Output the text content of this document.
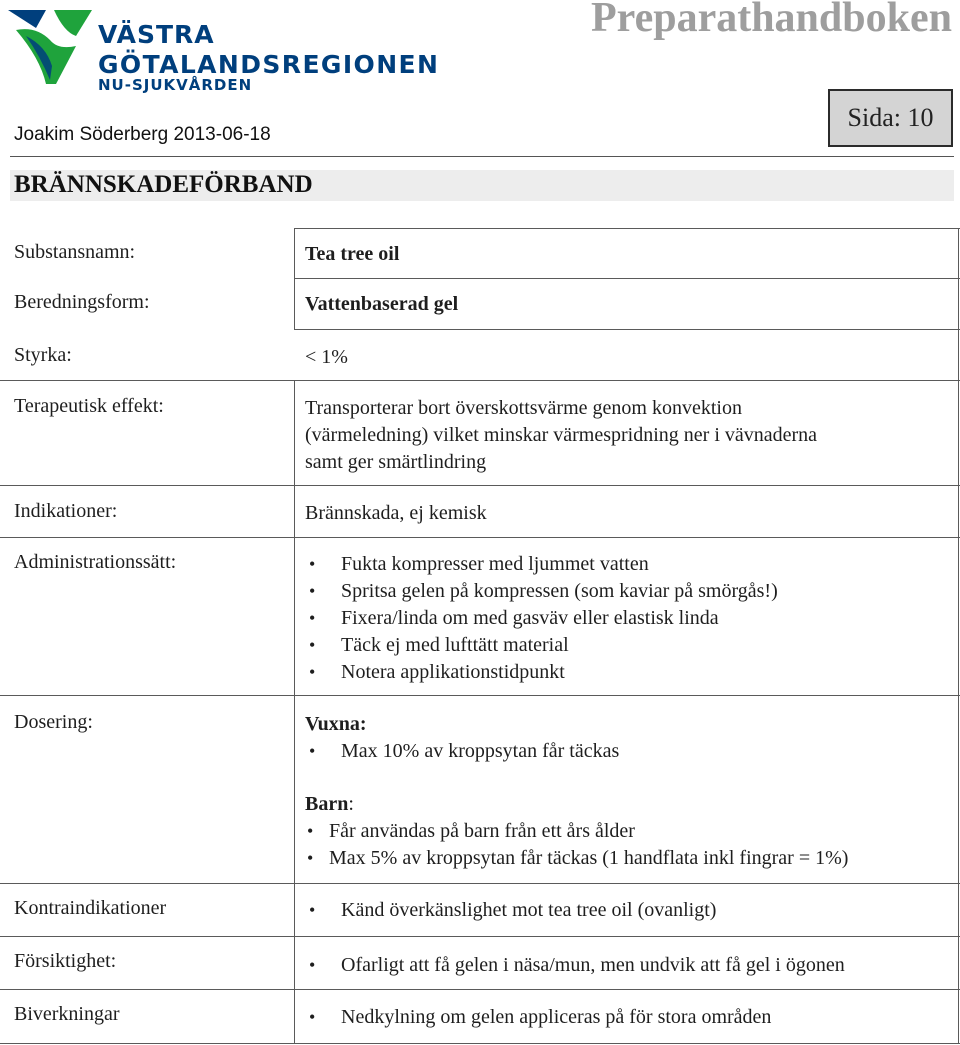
VÄSTRA
GÖTALANDSREGIONEN
NU-SJUKVÅRDEN
Preparathandboken
Sida: 10
Joakim Söderberg 2013-06-18
BRÄNNSKADEFÖRBAND
Substansnamn:	Tea tree oil
Beredningsform:	Vattenbaserad gel
Styrka:	< 1%
Terapeutisk effekt:	Transporterar bort överskottsvärme genom konvektion
(värmeledning) vilket minskar värmespridning ner i vävnaderna
samt ger smärtlindring
Indikationer:	Brännskada, ej kemisk
Administrationssätt:	• Fukta kompresser med ljummet vatten
• Spritsa gelen på kompressen (som kaviar på smörgås!)
• Fixera/linda om med gasväv eller elastisk linda
• Täck ej med lufttätt material
• Notera applikationstidpunkt
Dosering:	Vuxna:
• Max 10% av kroppsytan får täckas
Barn:
• Får användas på barn från ett års ålder
• Max 5% av kroppsytan får täckas (1 handflata inkl fingrar = 1%)
Kontraindikationer	• Känd överkänslighet mot tea tree oil (ovanligt)
Försiktighet:	• Ofarligt att få gelen i näsa/mun, men undvik att få gel i ögonen
Biverkningar	• Nedkylning om gelen appliceras på för stora områden
